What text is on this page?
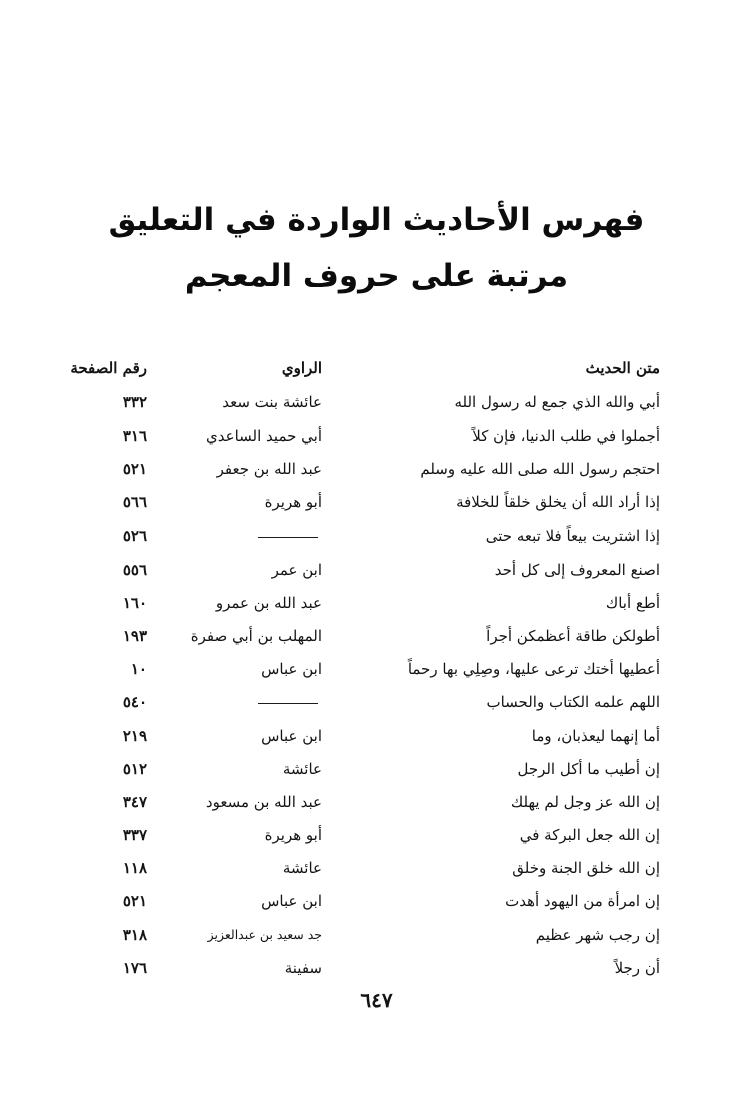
فهرس الأحاديث الواردة في التعليق
مرتبة على حروف المعجم
متن الحديث
الراوي
رقم الصفحة
أبي والله الذي جمع له رسول الله
عائشة بنت سعد
٣٣٢
أجملوا في طلب الدنيا، فإن كلاً
أبي حميد الساعدي
٣١٦
احتجم رسول الله صلى الله عليه وسلم
عبد الله بن جعفر
٥٢١
إذا أراد الله أن يخلق خلقاً للخلافة
أبو هريرة
٥٦٦
إذا اشتريت بيعاً فلا تبعه حتى
٥٢٦
اصنع المعروف إلى كل أحد
ابن عمر
٥٥٦
أطع أباك
عبد الله بن عمرو
١٦٠
أطولكن طاقة أعظمكن أجراً
المهلب بن أبي صفرة
١٩٣
أعطيها أختك ترعى عليها، وصِلِي بها رحماً
ابن عباس
١٠
اللهم علمه الكتاب والحساب
٥٤٠
أما إنهما ليعذبان، وما
ابن عباس
٢١٩
إن أطيب ما أكل الرجل
عائشة
٥١٢
إن الله عز وجل لم يهلك
عبد الله بن مسعود
٣٤٧
إن الله جعل البركة في
أبو هريرة
٣٣٧
إن الله خلق الجنة وخلق
عائشة
١١٨
إن امرأة من اليهود أهدت
ابن عباس
٥٢١
إن رجب شهر عظيم
جد سعيد بن عبدالعزيز
٣١٨
أن رجلاً
سفينة
١٧٦
٦٤٧
